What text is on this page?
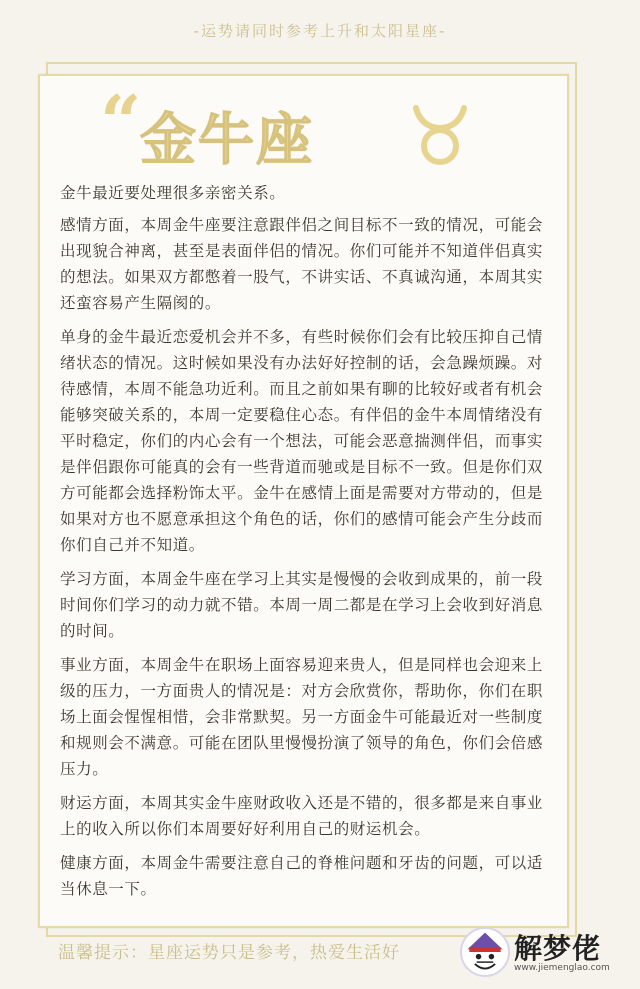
-运势请同时参考上升和太阳星座-
“
金牛座

金牛最近要处理很多亲密关系。

感情方面，本周金牛座要注意跟伴侣之间目标不一致的情况，可能会出现貌合神离，甚至是表面伴侣的情况。你们可能并不知道伴侣真实的想法。如果双方都憋着一股气，不讲实话、不真诚沟通，本周其实还蛮容易产生隔阂的。

单身的金牛最近恋爱机会并不多，有些时候你们会有比较压抑自己情绪状态的情况。这时候如果没有办法好好控制的话，会急躁烦躁。对待感情，本周不能急功近利。而且之前如果有聊的比较好或者有机会能够突破关系的，本周一定要稳住心态。有伴侣的金牛本周情绪没有平时稳定，你们的内心会有一个想法，可能会恶意揣测伴侣，而事实是伴侣跟你可能真的会有一些背道而驰或是目标不一致。但是你们双方可能都会选择粉饰太平。金牛在感情上面是需要对方带动的，但是如果对方也不愿意承担这个角色的话，你们的感情可能会产生分歧而你们自己并不知道。

学习方面，本周金牛座在学习上其实是慢慢的会收到成果的，前一段时间你们学习的动力就不错。本周一周二都是在学习上会收到好消息的时间。

事业方面，本周金牛在职场上面容易迎来贵人，但是同样也会迎来上级的压力，一方面贵人的情况是：对方会欣赏你，帮助你，你们在职场上面会惺惺相惜，会非常默契。另一方面金牛可能最近对一些制度和规则会不满意。可能在团队里慢慢扮演了领导的角色，你们会倍感压力。

财运方面，本周其实金牛座财政收入还是不错的，很多都是来自事业上的收入所以你们本周要好好利用自己的财运机会。

健康方面，本周金牛需要注意自己的脊椎问题和牙齿的问题，可以适当休息一下。

温馨提示：星座运势只是参考，热爱生活好	解梦佬
www.jiemenglao.com
